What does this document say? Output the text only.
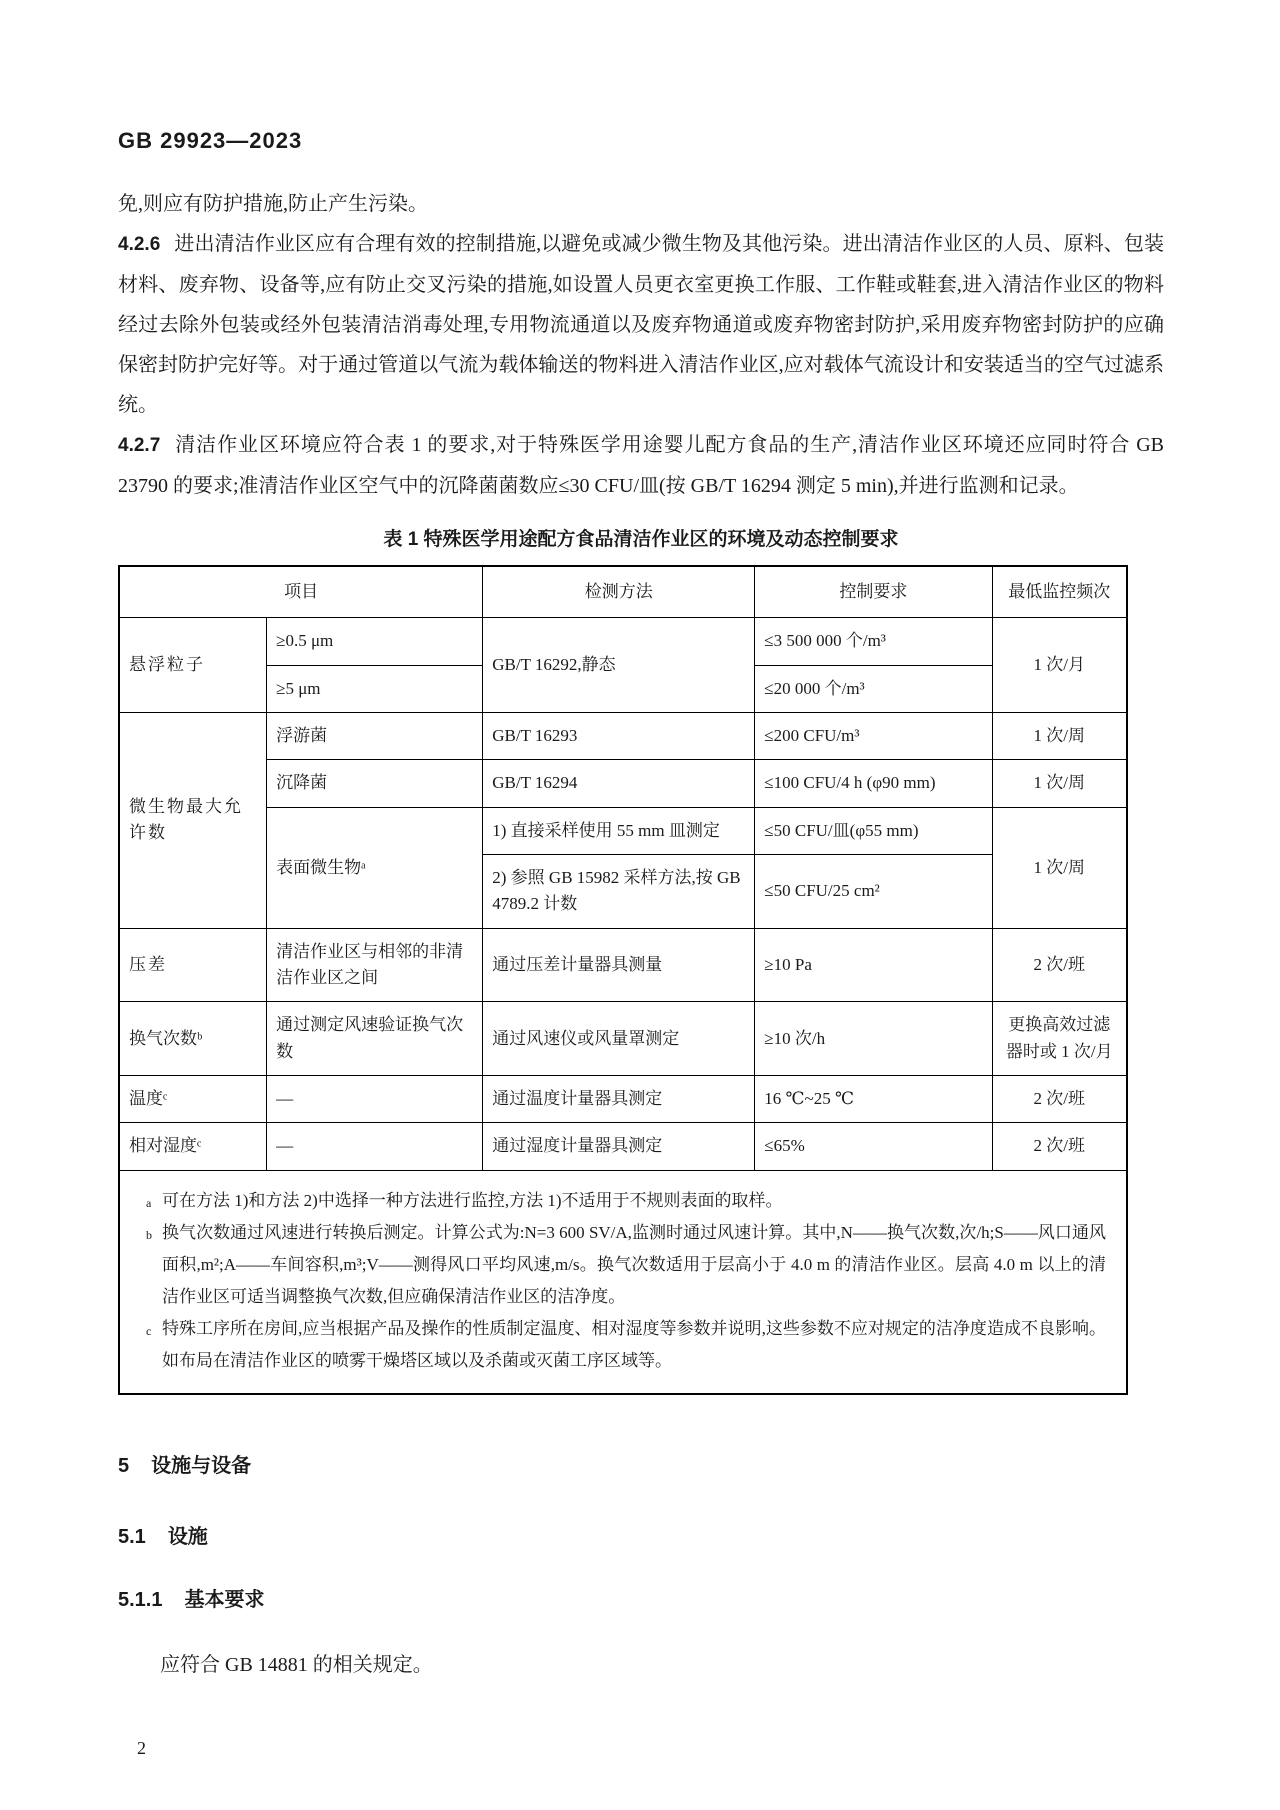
GB 29923—2023

免,则应有防护措施,防止产生污染。

4.2.6 进出清洁作业区应有合理有效的控制措施,以避免或减少微生物及其他污染。进出清洁作业区的人员、原料、包装材料、废弃物、设备等,应有防止交叉污染的措施,如设置人员更衣室更换工作服、工作鞋或鞋套,进入清洁作业区的物料经过去除外包装或经外包装清洁消毒处理,专用物流通道以及废弃物通道或废弃物密封防护,采用废弃物密封防护的应确保密封防护完好等。对于通过管道以气流为载体输送的物料进入清洁作业区,应对载体气流设计和安装适当的空气过滤系统。

4.2.7 清洁作业区环境应符合表 1 的要求,对于特殊医学用途婴儿配方食品的生产,清洁作业区环境还应同时符合 GB 23790 的要求;准清洁作业区空气中的沉降菌菌数应≤30 CFU/皿(按 GB/T 16294 测定 5 min),并进行监测和记录。

表 1 特殊医学用途配方食品清洁作业区的环境及动态控制要求
项目		检测方法	控制要求	最低监控频次
悬浮粒子	≥0.5 μm	GB/T 16292,静态	≤3 500 000 个/m³	1 次/月
	≥5 μm		≤20 000 个/m³	
微生物最大允许数	浮游菌	GB/T 16293	≤200 CFU/m³	1 次/周
	沉降菌	GB/T 16294	≤100 CFU/4 h (φ90 mm)	1 次/周
	表面微生物ᵃ	1) 直接采样使用 55 mm 皿测定	≤50 CFU/皿(φ55 mm)	1 次/周
		2) 参照 GB 15982 采样方法,按 GB 4789.2 计数	≤50 CFU/25 cm²	
压差	清洁作业区与相邻的非清洁作业区之间	通过压差计量器具测量	≥10 Pa	2 次/班
换气次数ᵇ	通过测定风速验证换气次数	通过风速仪或风量罩测定	≥10 次/h	更换高效过滤器时或 1 次/月
温度ᶜ	—	通过温度计量器具测定	16 ℃~25 ℃	2 次/班
相对湿度ᶜ	—	通过湿度计量器具测定	≤65%	2 次/班

a 可在方法 1)和方法 2)中选择一种方法进行监控,方法 1)不适用于不规则表面的取样。

b 换气次数通过风速进行转换后测定。计算公式为:N=3 600 SV/A,监测时通过风速计算。其中,N——换气次数,次/h;S——风口通风面积,m²;A——车间容积,m³;V——测得风口平均风速,m/s。换气次数适用于层高小于 4.0 m 的清洁作业区。层高 4.0 m 以上的清洁作业区可适当调整换气次数,但应确保清洁作业区的洁净度。

c 特殊工序所在房间,应当根据产品及操作的性质制定温度、相对湿度等参数并说明,这些参数不应对规定的洁净度造成不良影响。如布局在清洁作业区的喷雾干燥塔区域以及杀菌或灭菌工序区域等。

5 设施与设备

5.1 设施

5.1.1 基本要求

应符合 GB 14881 的相关规定。

2
